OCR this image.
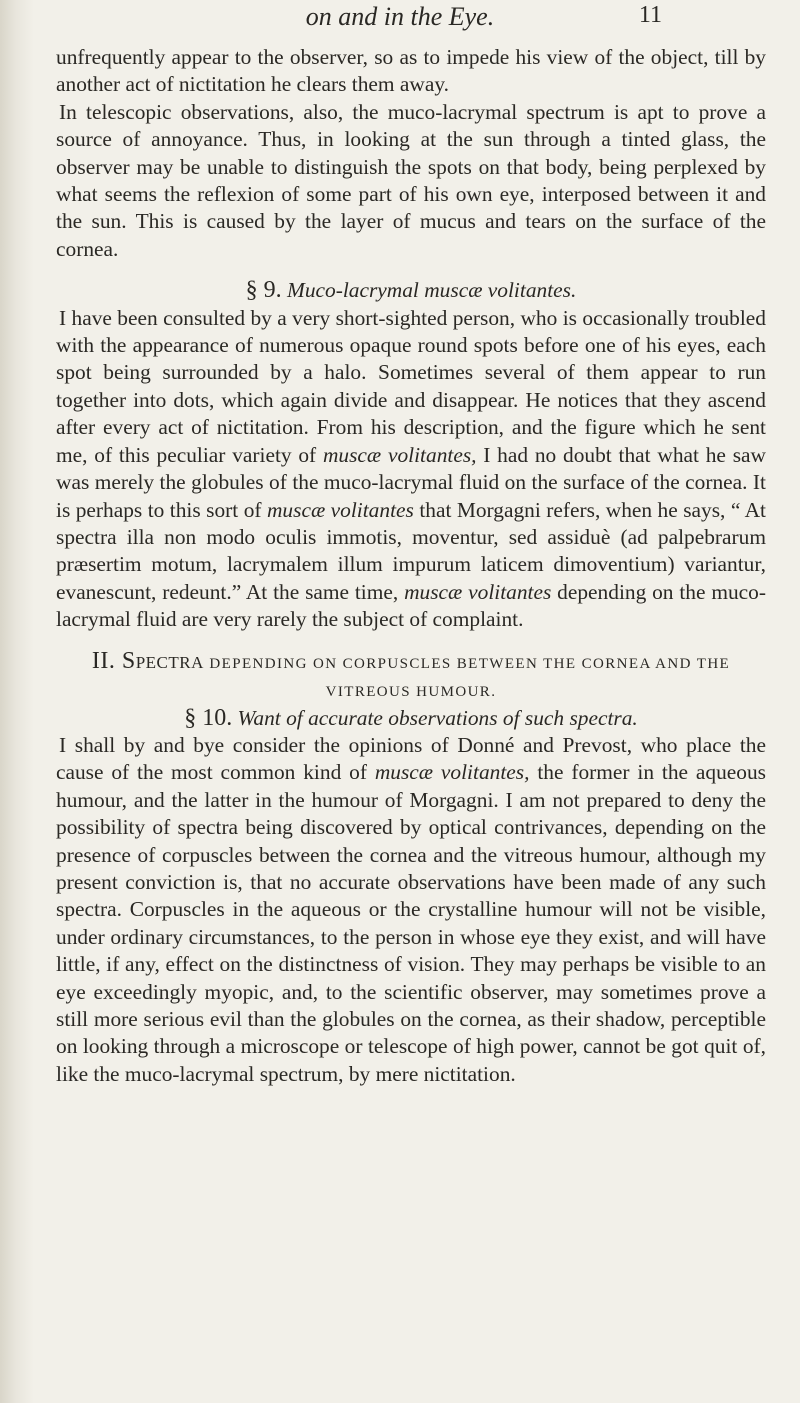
on and in the Eye.	11

unfrequently appear to the observer, so as to impede his view of the object, till by another act of nictitation he clears them away.

In telescopic observations, also, the muco-lacrymal spectrum is apt to prove a source of annoyance. Thus, in looking at the sun through a tinted glass, the observer may be unable to distinguish the spots on that body, being perplexed by what seems the reflexion of some part of his own eye, interposed between it and the sun. This is caused by the layer of mucus and tears on the surface of the cornea.

§ 9. Muco-lacrymal muscæ volitantes.

I have been consulted by a very short-sighted person, who is occasionally troubled with the appearance of numerous opaque round spots before one of his eyes, each spot being surrounded by a halo. Sometimes several of them appear to run together into dots, which again divide and disappear. He notices that they ascend after every act of nictitation. From his description, and the figure which he sent me, of this peculiar variety of muscæ volitantes, I had no doubt that what he saw was merely the globules of the muco-lacrymal fluid on the surface of the cornea. It is perhaps to this sort of muscæ volitantes that Morgagni refers, when he says, “ At spectra illa non modo oculis immotis, moventur, sed assiduè (ad palpebrarum præsertim motum, lacrymalem illum impurum laticem dimoventium) variantur, evanescunt, redeunt.” At the same time, muscæ volitantes depending on the muco-lacrymal fluid are very rarely the subject of complaint.

II. Spectra DEPENDING ON CORPUSCLES BETWEEN THE CORNEA AND THE VITREOUS HUMOUR.

§ 10. Want of accurate observations of such spectra.

I shall by and bye consider the opinions of Donné and Prevost, who place the cause of the most common kind of muscæ volitantes, the former in the aqueous humour, and the latter in the humour of Morgagni. I am not prepared to deny the possibility of spectra being discovered by optical contrivances, depending on the presence of corpuscles between the cornea and the vitreous humour, although my present conviction is, that no accurate observations have been made of any such spectra. Corpuscles in the aqueous or the crystalline humour will not be visible, under ordinary circumstances, to the person in whose eye they exist, and will have little, if any, effect on the distinctness of vision. They may perhaps be visible to an eye exceedingly myopic, and, to the scientific observer, may sometimes prove a still more serious evil than the globules on the cornea, as their shadow, perceptible on looking through a microscope or telescope of high power, cannot be got quit of, like the muco-lacrymal spectrum, by mere nictitation.
